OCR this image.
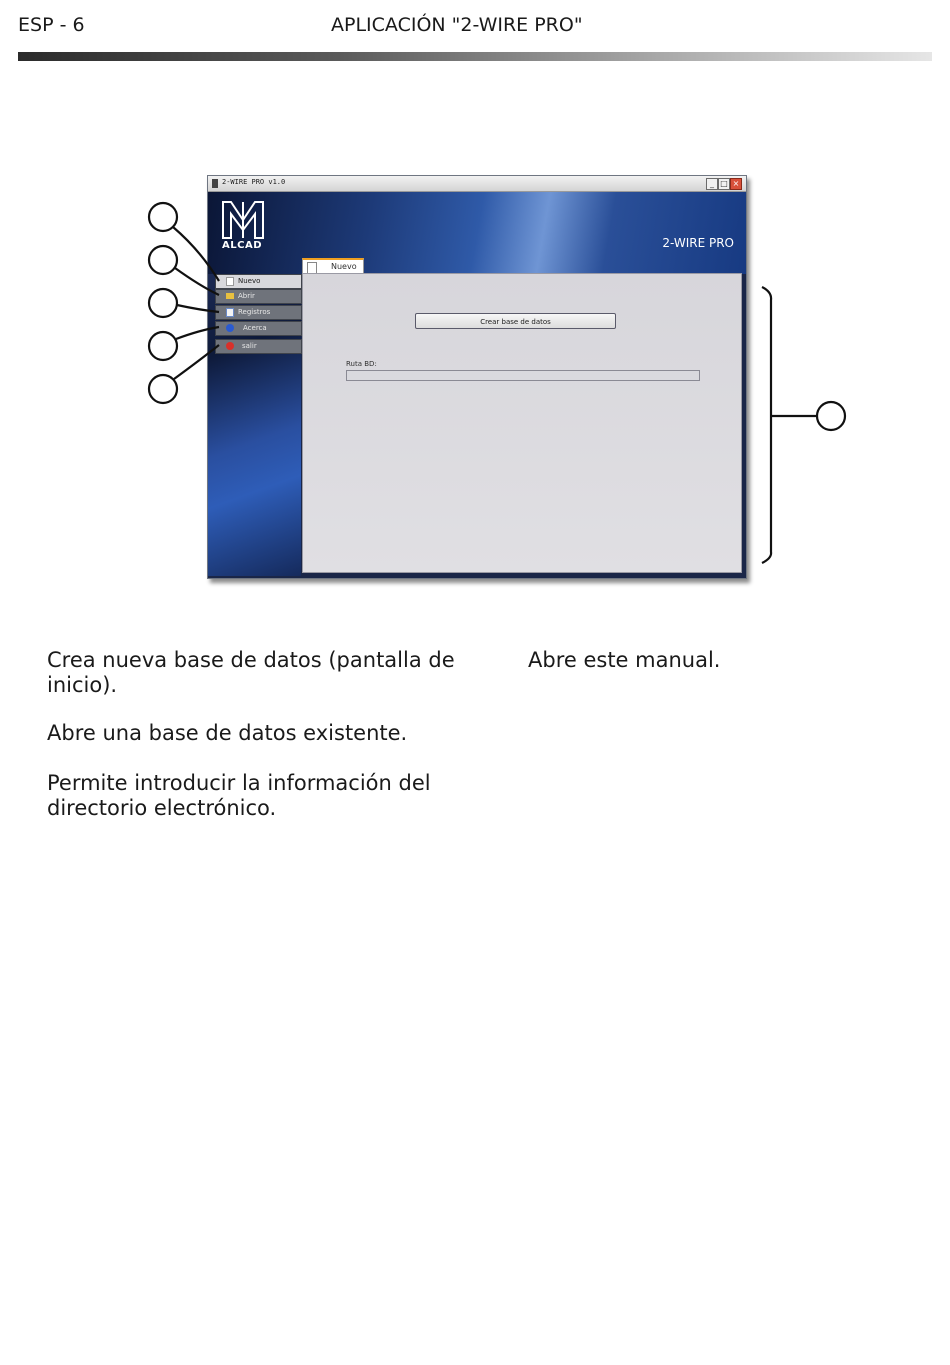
ESP - 6	APLICACIÓN "2-WIRE PRO"
2-WIRE PRO v1.0	_ □ ×
2-WIRE PRO
ALCAD
Nuevo
Abrir
Registros
Acerca
salir
Nuevo
Crear base de datos
Ruta BD:
Crea nueva base de datos (pantalla de inicio).
Abre una base de datos existente.
Permite introducir la información del directorio electrónico.
Abre este manual.
